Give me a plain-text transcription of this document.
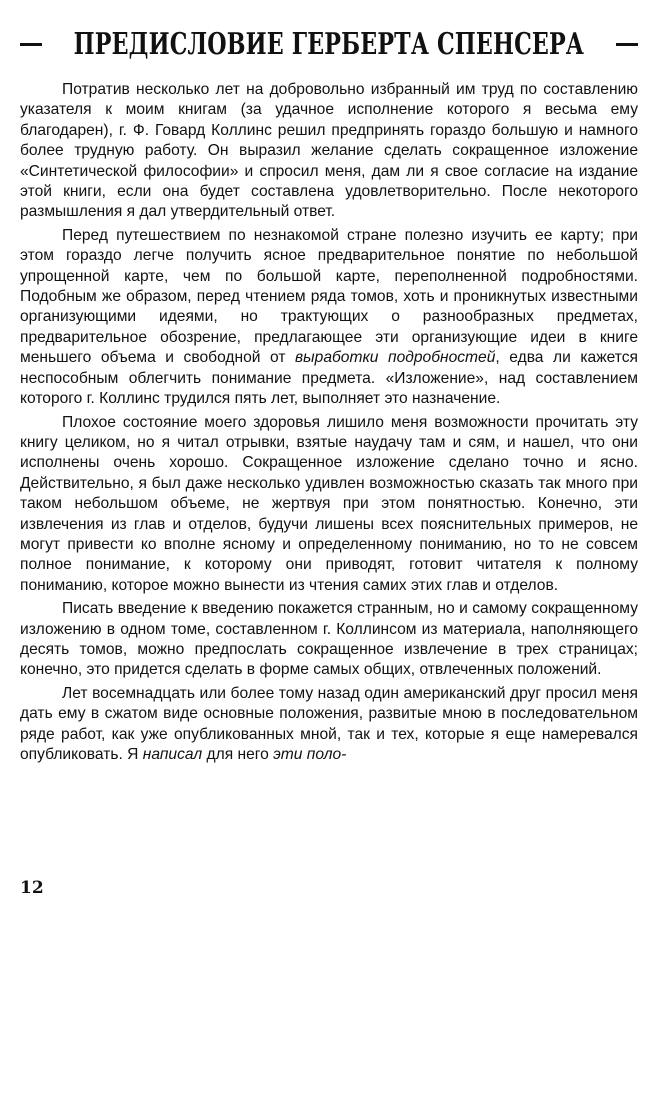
ПРЕДИСЛОВИЕ ГЕРБЕРТА СПЕНСЕРА

Потратив несколько лет на добровольно избранный им труд по составлению указателя к моим книгам (за удачное исполнение которого я весьма ему благодарен), г. Ф. Говард Коллинс решил предпринять гораздо большую и намного более трудную работу. Он выразил желание сделать сокращенное изложение «Синтетической философии» и спросил меня, дам ли я свое согласие на издание этой книги, если она будет составлена удовлетворительно. После некоторого размышления я дал утвердительный ответ.

Перед путешествием по незнакомой стране полезно изучить ее карту; при этом гораздо легче получить ясное предварительное понятие по небольшой упрощенной карте, чем по большой карте, переполненной подробностями. Подобным же образом, перед чтением ряда томов, хоть и проникнутых известными организующими идеями, но трактующих о разнообразных предметах, предварительное обозрение, предлагающее эти организующие идеи в книге меньшего объема и свободной от выработки подробностей, едва ли кажется неспособным облегчить понимание предмета. «Изложение», над составлением которого г. Коллинс трудился пять лет, выполняет это назначение.

Плохое состояние моего здоровья лишило меня возможности прочитать эту книгу целиком, но я читал отрывки, взятые наудачу там и сям, и нашел, что они исполнены очень хорошо. Сокращенное изложение сделано точно и ясно. Действительно, я был даже несколько удивлен возможностью сказать так много при таком небольшом объеме, не жертвуя при этом понятностью. Конечно, эти извлечения из глав и отделов, будучи лишены всех пояснительных примеров, не могут привести ко вполне ясному и определенному пониманию, но то не совсем полное понимание, к которому они приводят, готовит читателя к полному пониманию, которое можно вынести из чтения самих этих глав и отделов.

Писать введение к введению покажется странным, но и самому сокращенному изложению в одном томе, составленном г. Коллинсом из материала, наполняющего десять томов, можно предпослать сокращенное извлечение в трех страницах; конечно, это придется сделать в форме самых общих, отвлеченных положений.

Лет восемнадцать или более тому назад один американский друг просил меня дать ему в сжатом виде основные положения, развитые мною в последовательном ряде работ, как уже опубликованных мной, так и тех, которые я еще намеревался опубликовать. Я написал для него эти поло-

12
